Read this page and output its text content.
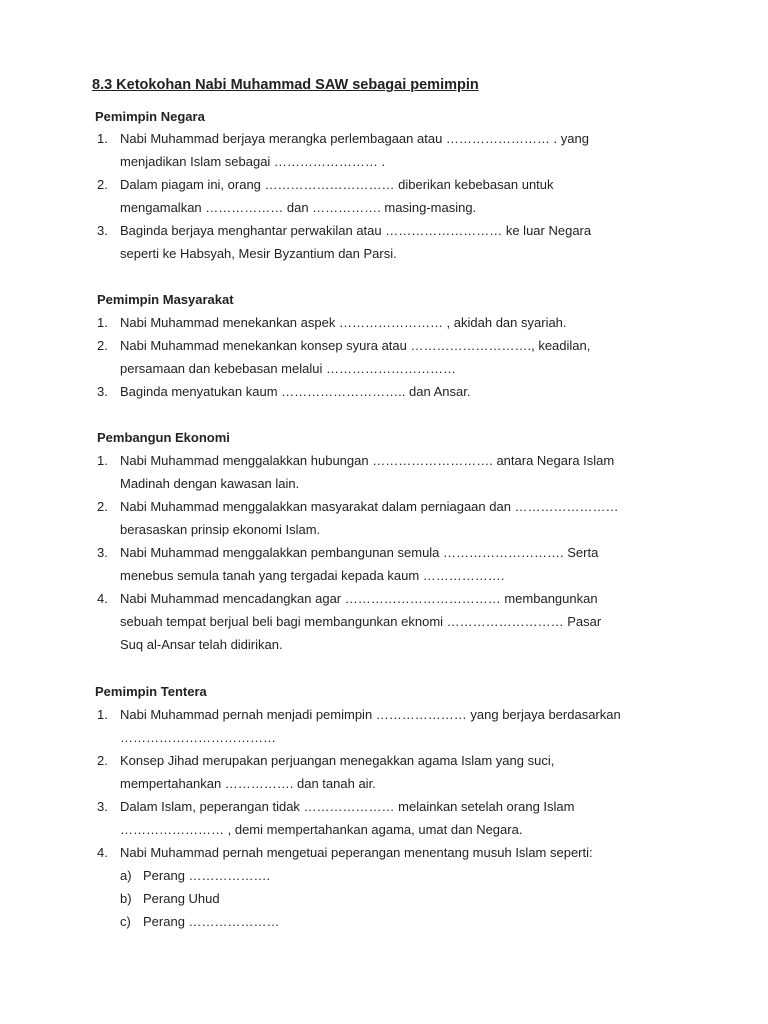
8.3 Ketokohan Nabi Muhammad SAW sebagai pemimpin
Pemimpin Negara
1. Nabi Muhammad berjaya merangka perlembagaan atau …………………… . yang

menjadikan Islam sebagai …………………… .

2. Dalam piagam ini, orang ………………………… diberikan kebebasan untuk

mengamalkan ……………… dan ……………. masing-masing.

3. Baginda berjaya menghantar perwakilan atau ……………………… ke luar Negara

seperti ke Habsyah, Mesir Byzantium dan Parsi.

Pemimpin Masyarakat
1. Nabi Muhammad menekankan aspek …………………… , akidah dan syariah.

2. Nabi Muhammad menekankan konsep syura atau ………………………., keadilan,

persamaan dan kebebasan melalui …………………………

3. Baginda menyatukan kaum ……………………….. dan Ansar.

Pembangun Ekonomi
1. Nabi Muhammad menggalakkan hubungan ………………………. antara Negara Islam

Madinah dengan kawasan lain.

2. Nabi Muhammad menggalakkan masyarakat dalam perniagaan dan ……………………

berasaskan prinsip ekonomi Islam.

3. Nabi Muhammad menggalakkan pembangunan semula ………………………. Serta

menebus semula tanah yang tergadai kepada kaum ……………….

4. Nabi Muhammad mencadangkan agar ……………………………… membangunkan

sebuah tempat berjual beli bagi membangunkan eknomi ……………………… Pasar

Suq al-Ansar telah didirikan.

Pemimpin Tentera
1. Nabi Muhammad pernah menjadi pemimpin ………………… yang berjaya berdasarkan

………………………………

2. Konsep Jihad merupakan perjuangan menegakkan agama Islam yang suci,

mempertahankan ……………. dan tanah air.

3. Dalam Islam, peperangan tidak ………………… melainkan setelah orang Islam

…………………… , demi mempertahankan agama, umat dan Negara.

4. Nabi Muhammad pernah mengetuai peperangan menentang musuh Islam seperti:

a) Perang ……………….

b) Perang Uhud

c) Perang …………………
